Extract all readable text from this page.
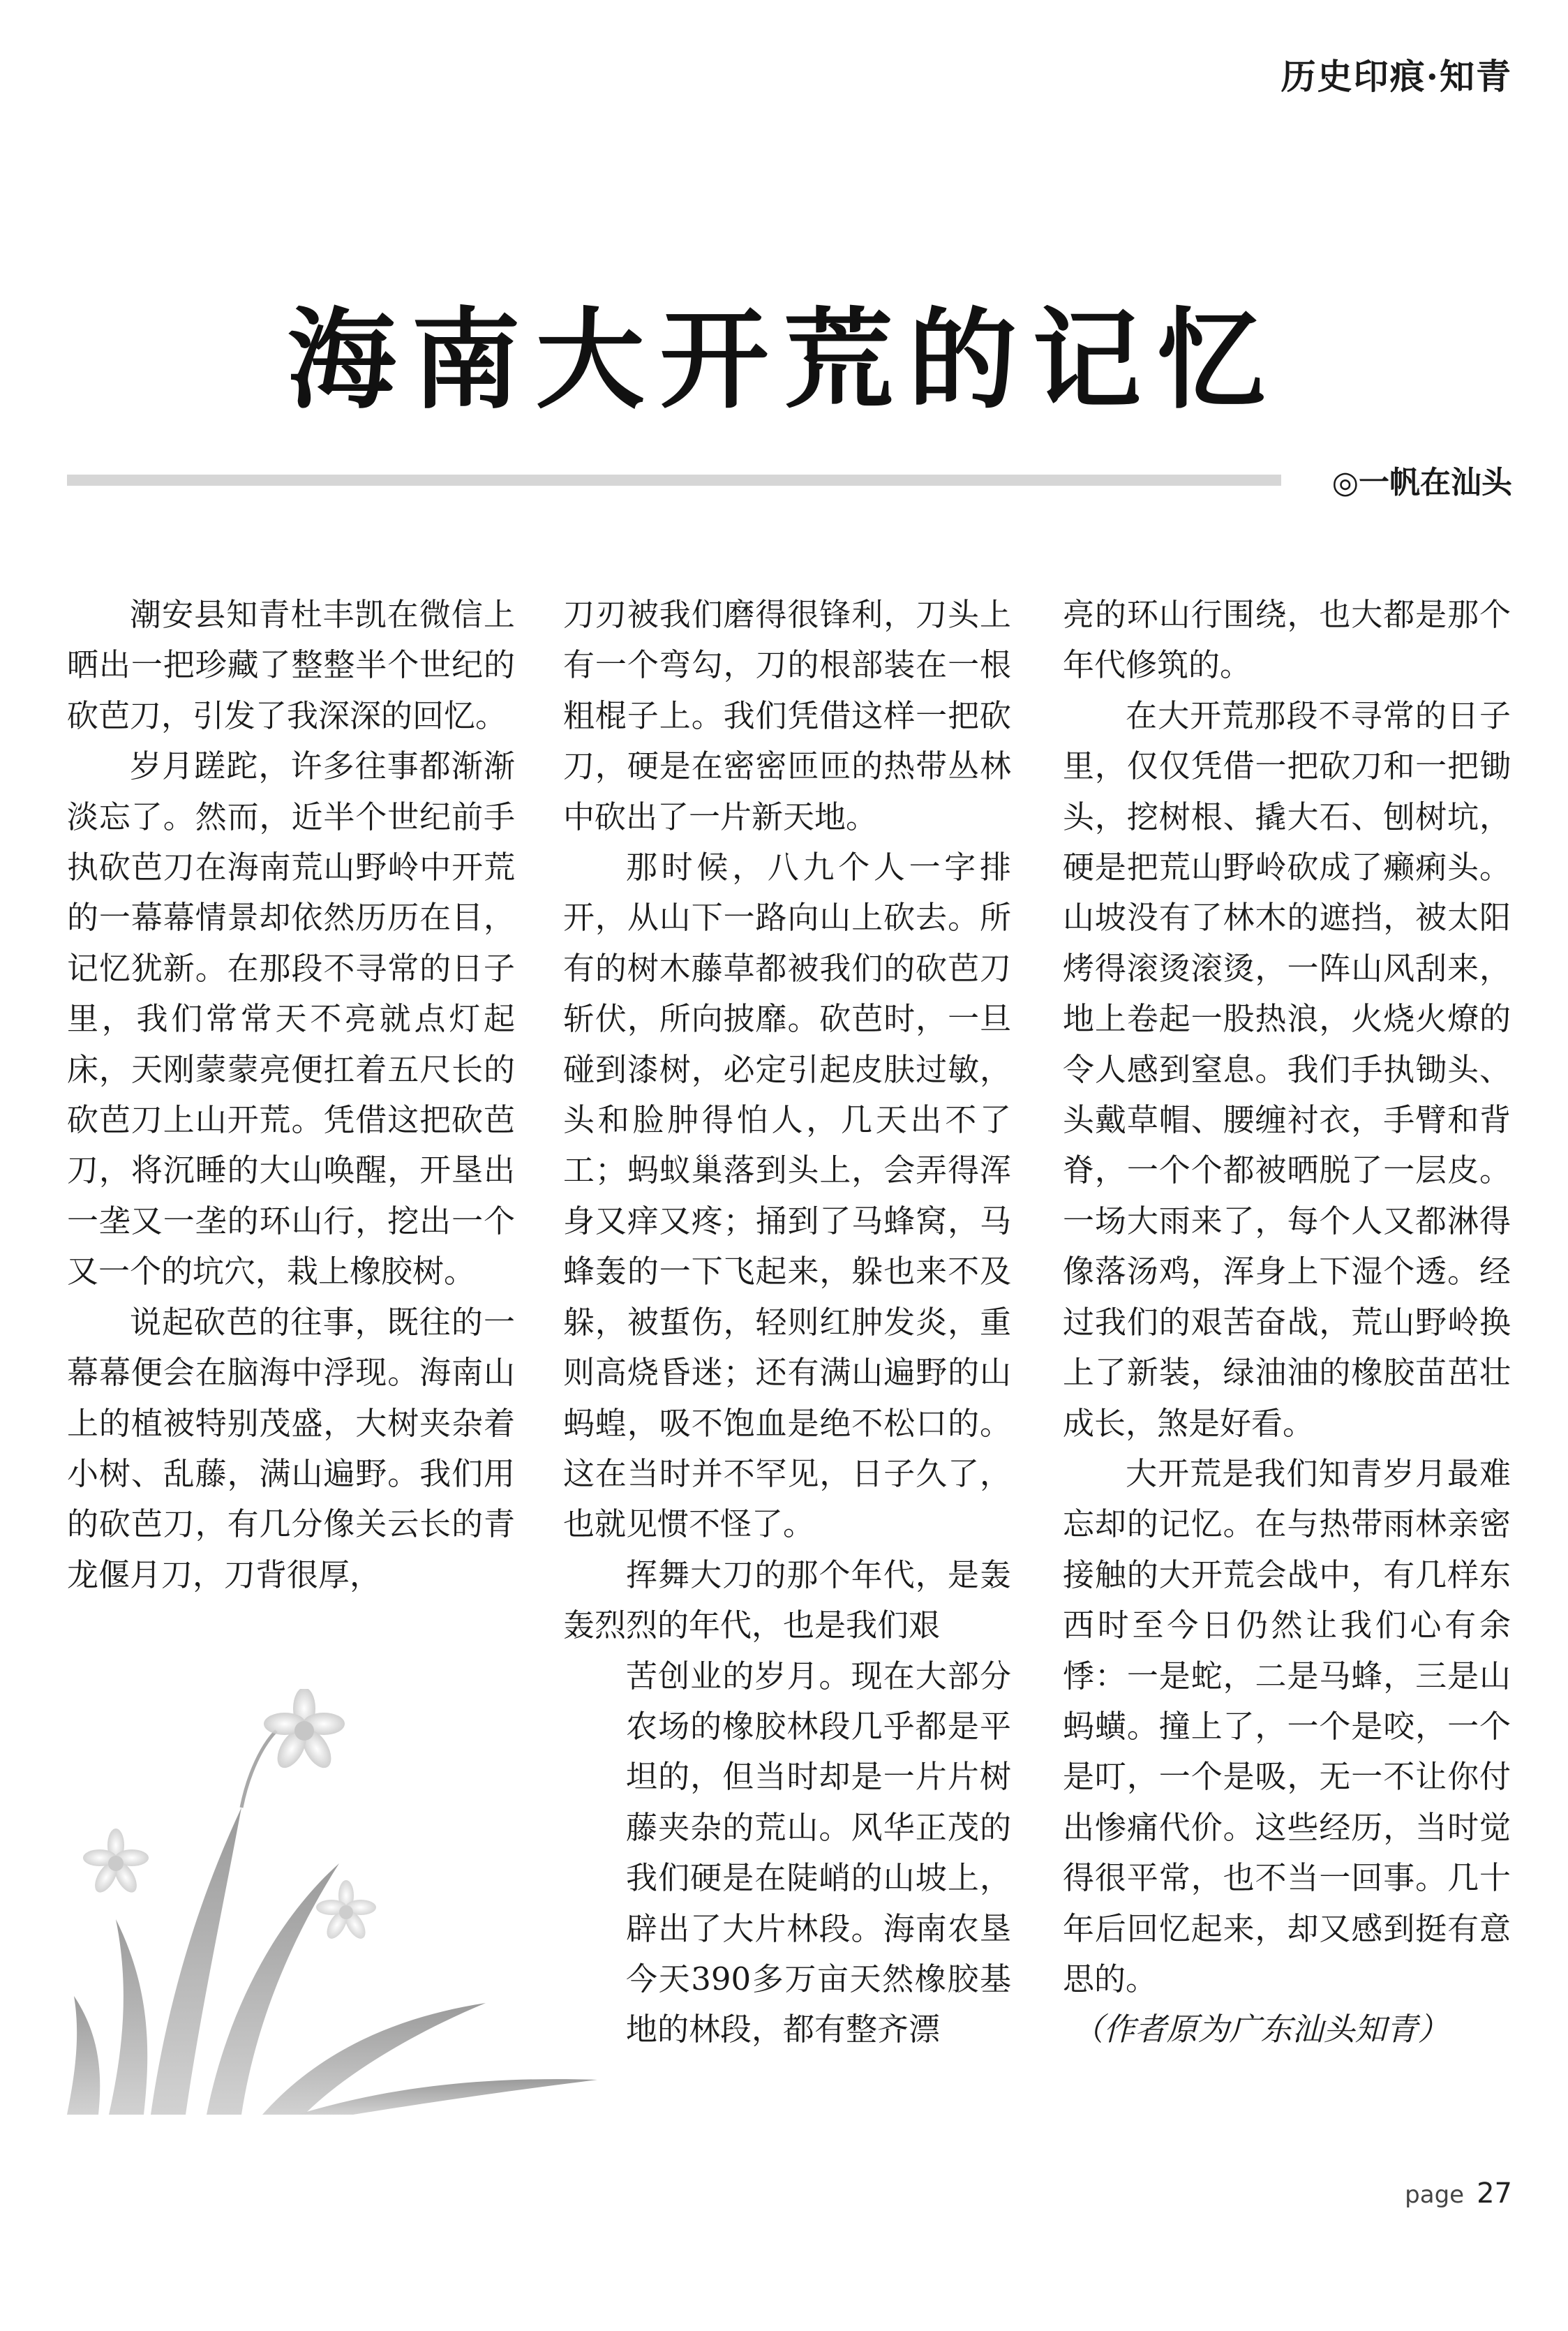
历史印痕·知青
海南大开荒的记忆
◎一帆在汕头

潮安县知青杜丰凯在微信上晒出一把珍藏了整整半个世纪的砍芭刀，引发了我深深的回忆。

岁月蹉跎，许多往事都渐渐淡忘了。然而，近半个世纪前手执砍芭刀在海南荒山野岭中开荒的一幕幕情景却依然历历在目，记忆犹新。在那段不寻常的日子里，我们常常天不亮就点灯起床，天刚蒙蒙亮便扛着五尺长的砍芭刀上山开荒。凭借这把砍芭刀，将沉睡的大山唤醒，开垦出一垄又一垄的环山行，挖出一个又一个的坑穴，栽上橡胶树。

说起砍芭的往事，既往的一幕幕便会在脑海中浮现。海南山上的植被特别茂盛，大树夹杂着小树、乱藤，满山遍野。我们用的砍芭刀，有几分像关云长的青龙偃月刀，刀背很厚，

刀刃被我们磨得很锋利，刀头上有一个弯勾，刀的根部装在一根粗棍子上。我们凭借这样一把砍刀，硬是在密密匝匝的热带丛林中砍出了一片新天地。

那时候，八九个人一字排开，从山下一路向山上砍去。所有的树木藤草都被我们的砍芭刀斩伏，所向披靡。砍芭时，一旦碰到漆树，必定引起皮肤过敏，头和脸肿得怕人，几天出不了工；蚂蚁巢落到头上，会弄得浑身又痒又疼；捅到了马蜂窝，马蜂轰的一下飞起来，躲也来不及躲，被蜇伤，轻则红肿发炎，重则高烧昏迷；还有满山遍野的山蚂蝗，吸不饱血是绝不松口的。这在当时并不罕见，日子久了，也就见惯不怪了。

挥舞大刀的那个年代，是轰轰烈烈的年代，也是我们艰

苦创业的岁月。现在大部分农场的橡胶林段几乎都是平坦的，但当时却是一片片树藤夹杂的荒山。风华正茂的我们硬是在陡峭的山坡上，辟出了大片林段。海南农垦今天390多万亩天然橡胶基地的林段，都有整齐漂

亮的环山行围绕，也大都是那个年代修筑的。

在大开荒那段不寻常的日子里，仅仅凭借一把砍刀和一把锄头，挖树根、撬大石、刨树坑，硬是把荒山野岭砍成了癞痢头。山坡没有了林木的遮挡，被太阳烤得滚烫滚烫，一阵山风刮来，地上卷起一股热浪，火烧火燎的令人感到窒息。我们手执锄头、头戴草帽、腰缠衬衣，手臂和背脊，一个个都被晒脱了一层皮。一场大雨来了，每个人又都淋得像落汤鸡，浑身上下湿个透。经过我们的艰苦奋战，荒山野岭换上了新装，绿油油的橡胶苗茁壮成长，煞是好看。

大开荒是我们知青岁月最难忘却的记忆。在与热带雨林亲密接触的大开荒会战中，有几样东西时至今日仍然让我们心有余悸：一是蛇，二是马蜂，三是山蚂蟥。撞上了，一个是咬，一个是叮，一个是吸，无一不让你付出惨痛代价。这些经历，当时觉得很平常，也不当一回事。几十年后回忆起来，却又感到挺有意思的。

（作者原为广东汕头知青）

page 27
